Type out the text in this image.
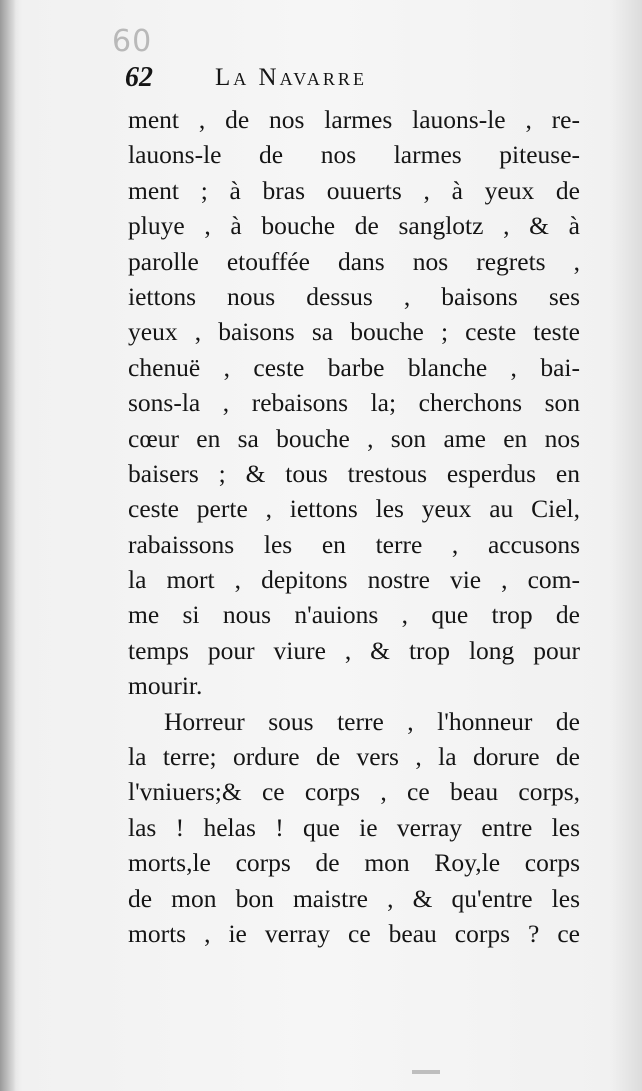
60
62 La Navarre
ment , de nos larmes lauons-le , re-
lauons-le de nos larmes piteuse-
ment ; à bras ouuerts , à yeux de
pluye , à bouche de sanglotz , & à
parolle etouffée dans nos regrets ,
iettons nous dessus , baisons ses
yeux , baisons sa bouche ; ceste teste
chenuë , ceste barbe blanche , bai-
sons-la , rebaisons la; cherchons son
cœur en sa bouche , son ame en nos
baisers ; & tous trestous esperdus en
ceste perte , iettons les yeux au Ciel,
rabaissons les en terre , accusons
la mort , depitons nostre vie , com-
me si nous n'auions , que trop de
temps pour viure , & trop long pour
mourir.
Horreur sous terre , l'honneur de
la terre; ordure de vers , la dorure de
l'vniuers;& ce corps , ce beau corps,
las ! helas ! que ie verray entre les
morts,le corps de mon Roy,le corps
de mon bon maistre , & qu'entre les
morts , ie verray ce beau corps ? ce
